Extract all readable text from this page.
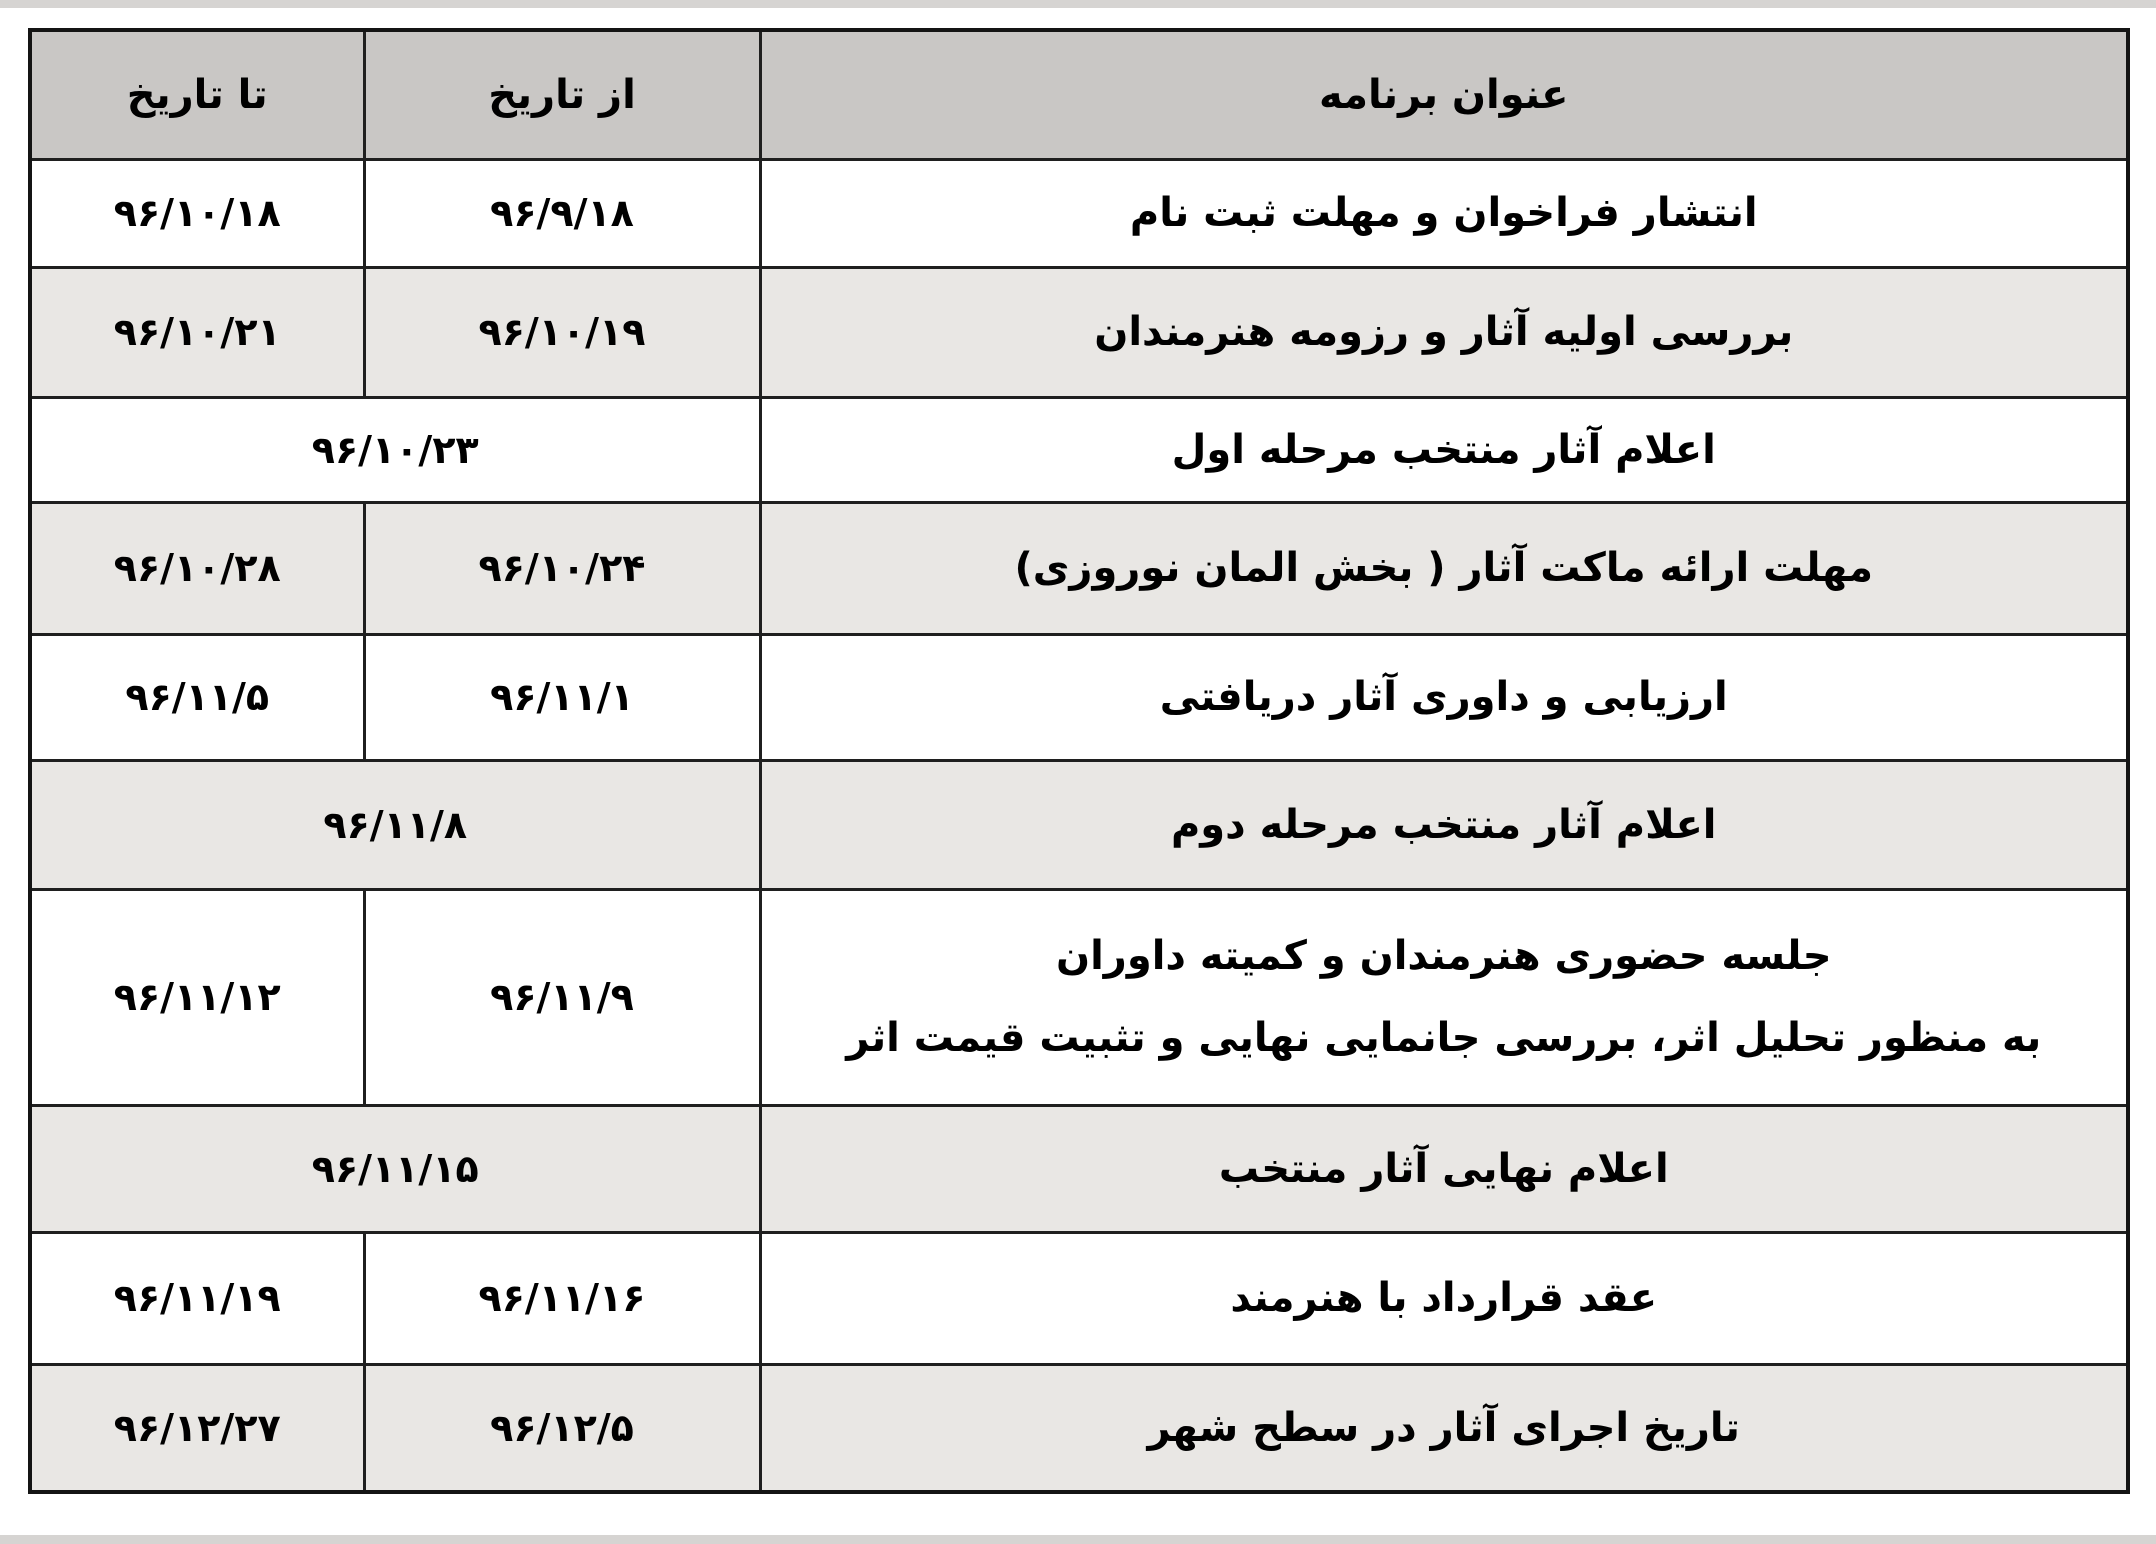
عنوان برنامه	از تاریخ	تا تاریخ
انتشار فراخوان و مهلت ثبت نام	۹۶/۹/۱۸	۹۶/۱۰/۱۸
بررسی اولیه آثار و رزومه هنرمندان	۹۶/۱۰/۱۹	۹۶/۱۰/۲۱
اعلام آثار منتخب مرحله اول	۹۶/۱۰/۲۳	
مهلت ارائه ماکت آثار ( بخش المان نوروزی)	۹۶/۱۰/۲۴	۹۶/۱۰/۲۸
ارزیابی و داوری آثار دریافتی	۹۶/۱۱/۱	۹۶/۱۱/۵
اعلام آثار منتخب مرحله دوم	۹۶/۱۱/۸	

جلسه حضوری هنرمندان و کمیته داوران
به منظور تحلیل اثر، بررسی جانمایی نهایی و تثبیت قیمت اثر	۹۶/۱۱/۹	۹۶/۱۱/۱۲
اعلام نهایی آثار منتخب	۹۶/۱۱/۱۵	
عقد قرارداد با هنرمند	۹۶/۱۱/۱۶	۹۶/۱۱/۱۹
تاریخ اجرای آثار در سطح شهر	۹۶/۱۲/۵	۹۶/۱۲/۲۷
